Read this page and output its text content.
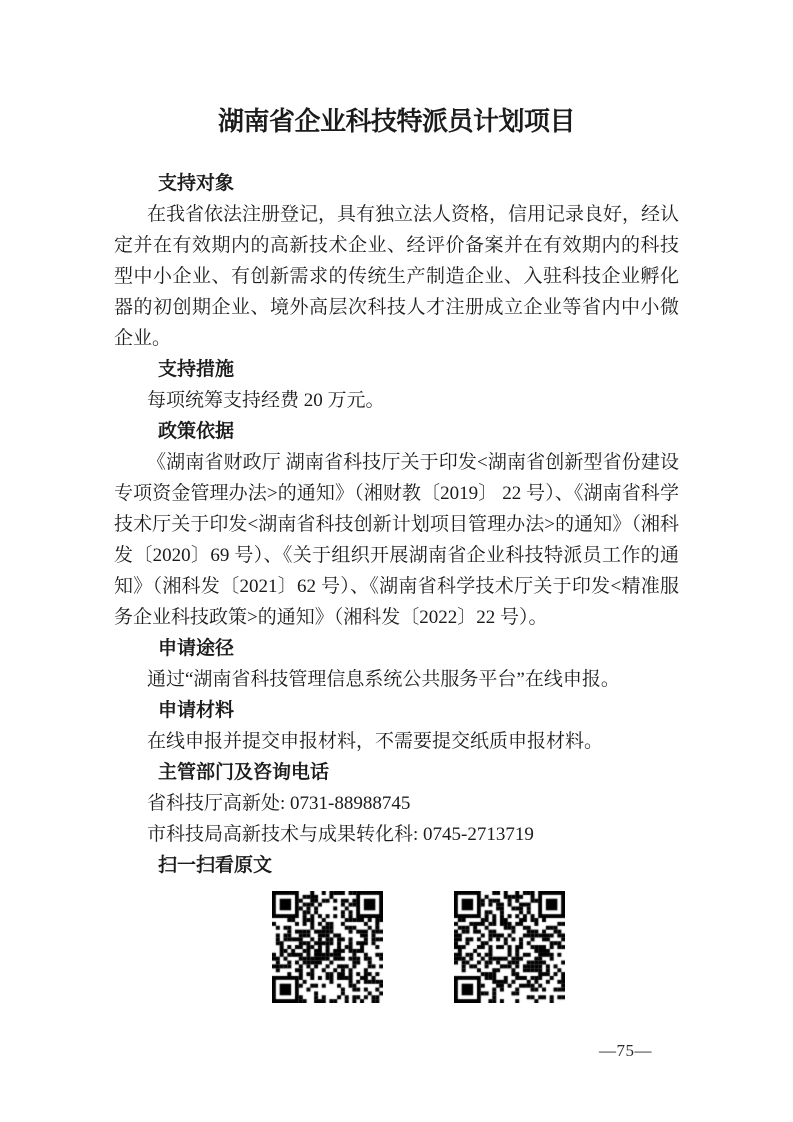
湖南省企业科技特派员计划项目
支持对象

在我省依法注册登记，具有独立法人资格，信用记录良好，经认定并在有效期内的高新技术企业、经评价备案并在有效期内的科技型中小企业、有创新需求的传统生产制造企业、入驻科技企业孵化器的初创期企业、境外高层次科技人才注册成立企业等省内中小微企业。

支持措施

每项统筹支持经费 20 万元。

政策依据

《湖南省财政厅 湖南省科技厅关于印发<湖南省创新型省份建设专项资金管理办法>的通知》（湘财教〔2019〕 22 号）、《湖南省科学技术厅关于印发<湖南省科技创新计划项目管理办法>的通知》（湘科发〔2020〕69 号）、《关于组织开展湖南省企业科技特派员工作的通知》（湘科发〔2021〕62 号）、《湖南省科学技术厅关于印发<精准服务企业科技政策>的通知》（湘科发〔2022〕22 号）。

申请途径

通过“湖南省科技管理信息系统公共服务平台”在线申报。

申请材料

在线申报并提交申报材料，不需要提交纸质申报材料。

主管部门及咨询电话

省科技厅高新处: 0731-88988745

市科技局高新技术与成果转化科: 0745-2713719

扫一扫看原文
—75—
